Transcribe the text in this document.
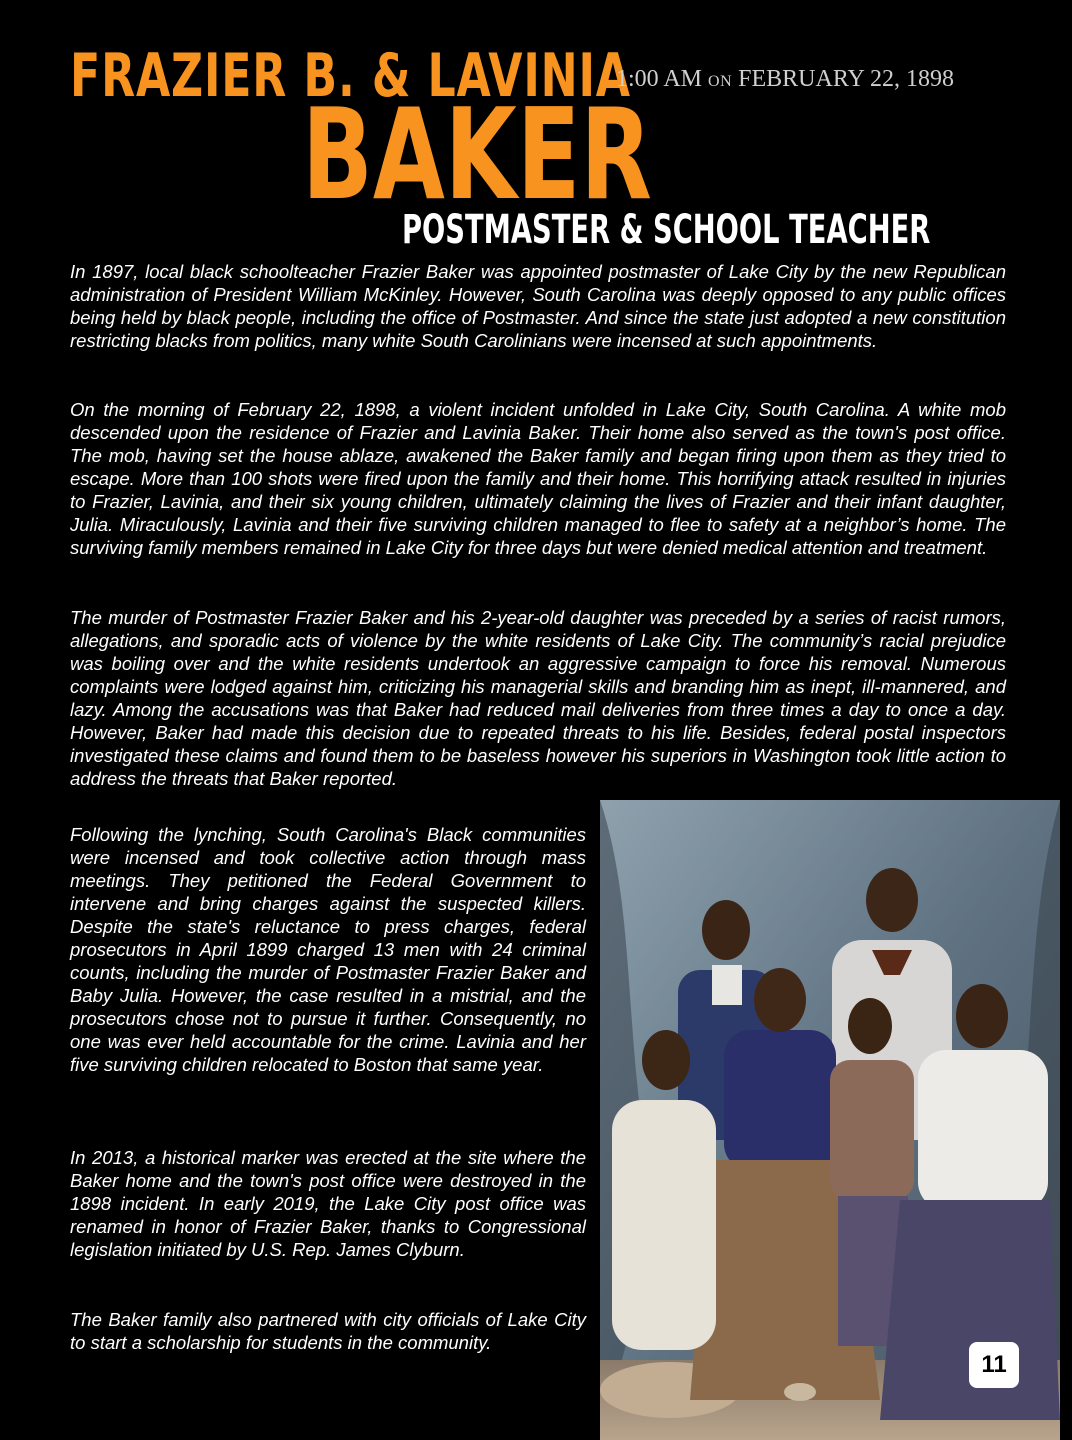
FRAZIER B. & LAVINIA
BAKER
1:00 AM ON FEBRUARY 22, 1898
POSTMASTER & SCHOOL TEACHER

In 1897, local black schoolteacher Frazier Baker was appointed postmaster of Lake City by the new Republican administration of President William McKinley. However, South Carolina was deeply opposed to any public offices being held by black people, including the office of Postmaster. And since the state just adopted a new constitution restricting blacks from politics, many white South Carolinians were incensed at such appointments.

On the morning of February 22, 1898, a violent incident unfolded in Lake City, South Carolina. A white mob descended upon the residence of Frazier and Lavinia Baker. Their home also served as the town's post office. The mob, having set the house ablaze, awakened the Baker family and began firing upon them as they tried to escape. More than 100 shots were fired upon the family and their home. This horrifying attack resulted in injuries to Frazier, Lavinia, and their six young children, ultimately claiming the lives of Frazier and their infant daughter, Julia. Miraculously, Lavinia and their five surviving children managed to flee to safety at a neighbor’s home. The surviving family members remained in Lake City for three days but were denied medical attention and treatment.

The murder of Postmaster Frazier Baker and his 2-year-old daughter was preceded by a series of racist rumors, allegations, and sporadic acts of violence by the white residents of Lake City. The community’s racial prejudice was boiling over and the white residents undertook an aggressive campaign to force his removal. Numerous complaints were lodged against him, criticizing his managerial skills and branding him as inept, ill-mannered, and lazy. Among the accusations was that Baker had reduced mail deliveries from three times a day to once a day. However, Baker had made this decision due to repeated threats to his life. Besides, federal postal inspectors investigated these claims and found them to be baseless however his superiors in Washington took little action to address the threats that Baker reported.

Following the lynching, South Carolina's Black communities were incensed and took collective action through mass meetings. They petitioned the Federal Government to intervene and bring charges against the suspected killers. Despite the state's reluctance to press charges, federal prosecutors in April 1899 charged 13 men with 24 criminal counts, including the murder of Postmaster Frazier Baker and Baby Julia. However, the case resulted in a mistrial, and the prosecutors chose not to pursue it further. Consequently, no one was ever held accountable for the crime. Lavinia and her five surviving children relocated to Boston that same year.

In 2013, a historical marker was erected at the site where the Baker home and the town's post office were destroyed in the 1898 incident. In early 2019, the Lake City post office was renamed in honor of Frazier Baker, thanks to Congressional legislation initiated by U.S. Rep. James Clyburn.

The Baker family also partnered with city officials of Lake City to start a scholarship for students in the community.

11
